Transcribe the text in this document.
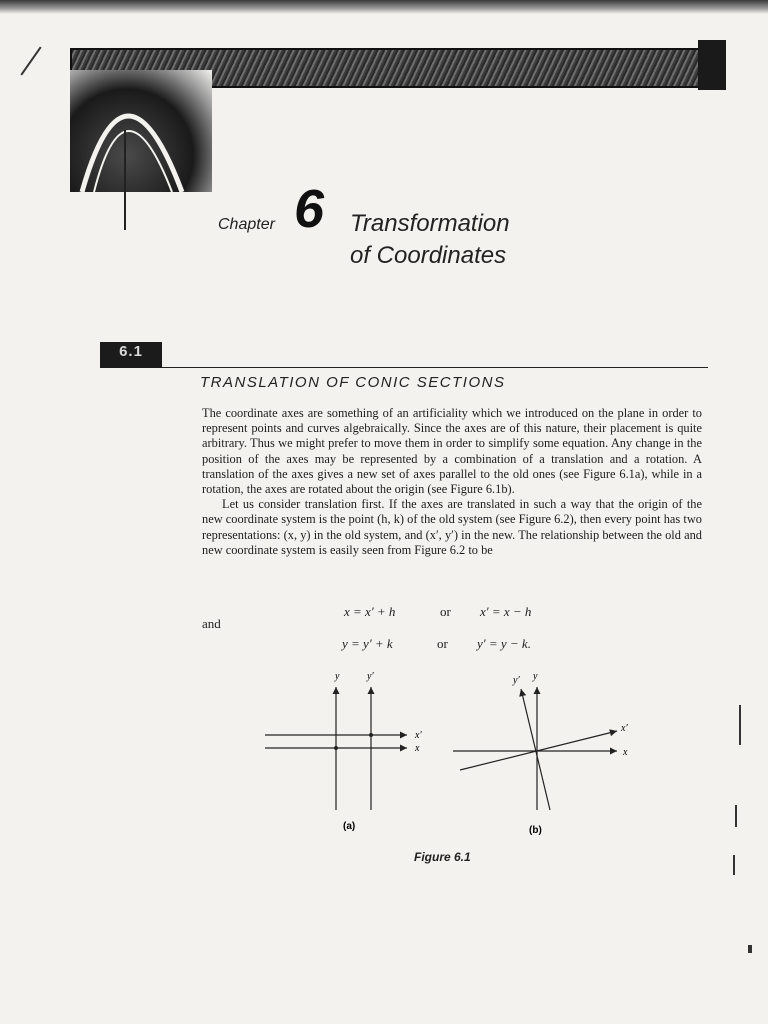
Chapter 6 Transformation
of Coordinates
6.1
TRANSLATION OF CONIC SECTIONS

The coordinate axes are something of an artificiality which we introduced on the plane in order to represent points and curves algebraically. Since the axes are of this nature, their placement is quite arbitrary. Thus we might prefer to move them in order to simplify some equation. Any change in the position of the axes may be represented by a combination of a translation and a rotation. A translation of the axes gives a new set of axes parallel to the old ones (see Figure 6.1a), while in a rotation, the axes are rotated about the origin (see Figure 6.1b).

Let us consider translation first. If the axes are translated in such a way that the origin of the new coordinate system is the point (h, k) of the old system (see Figure 6.2), then every point has two representations: (x, y) in the old system, and (x′, y′) in the new. The relationship between the old and new coordinate system is easily seen from Figure 6.2 to be

x = x′ + h	or x′ = x − h
and
y = y′ + k	or y′ = y − k.
y	y′
x′
x
(a)
y′ y
x′
x
(b)
Figure 6.1
